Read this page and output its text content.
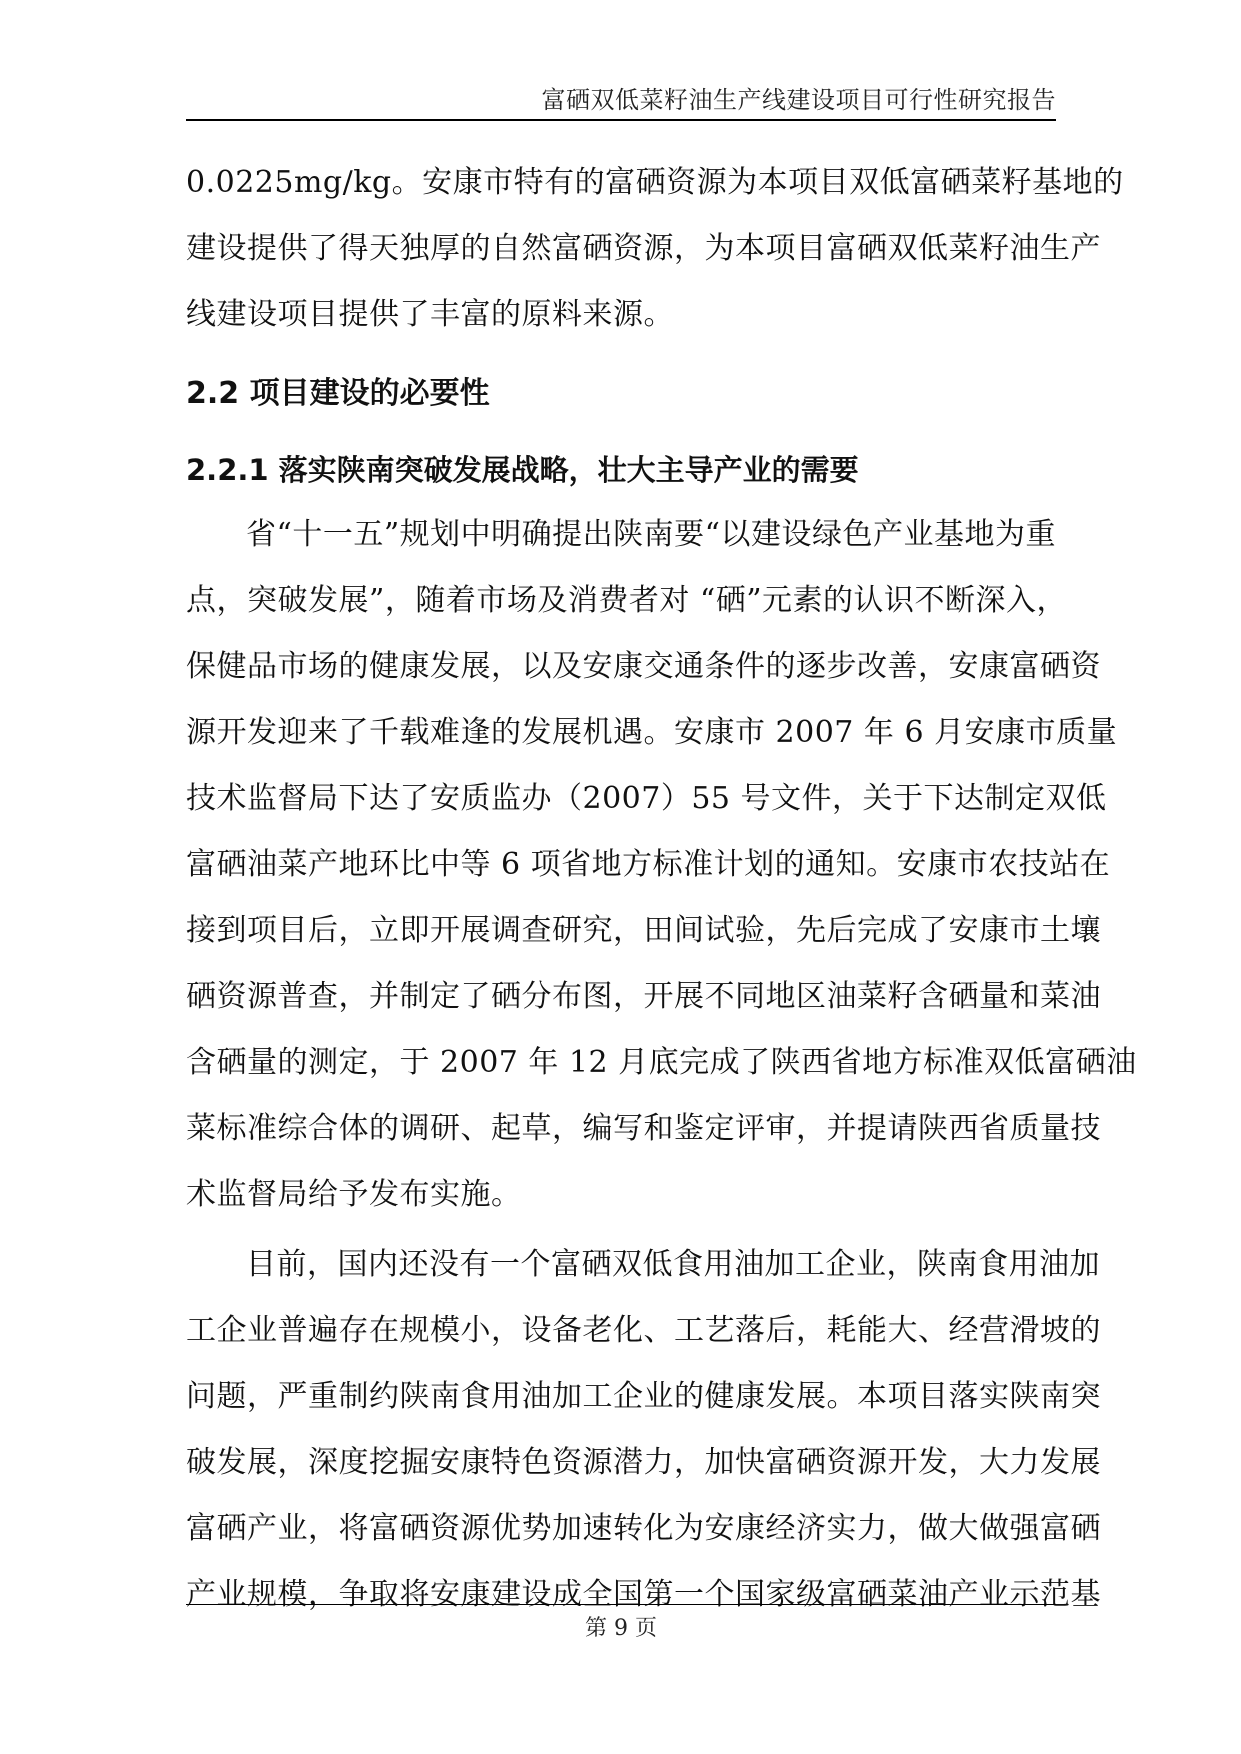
富硒双低菜籽油生产线建设项目可行性研究报告
0.0225mg/kg。安康市特有的富硒资源为本项目双低富硒菜籽基地的
建设提供了得天独厚的自然富硒资源，为本项目富硒双低菜籽油生产
线建设项目提供了丰富的原料来源。
2.2 项目建设的必要性
2.2.1 落实陕南突破发展战略，壮大主导产业的需要
省“十一五”规划中明确提出陕南要“以建设绿色产业基地为重
点，突破发展”，随着市场及消费者对 “硒”元素的认识不断深入，
保健品市场的健康发展，以及安康交通条件的逐步改善，安康富硒资
源开发迎来了千载难逢的发展机遇。安康市 2007 年 6 月安康市质量
技术监督局下达了安质监办（2007）55 号文件，关于下达制定双低
富硒油菜产地环比中等 6 项省地方标准计划的通知。安康市农技站在
接到项目后，立即开展调查研究，田间试验，先后完成了安康市土壤
硒资源普查，并制定了硒分布图，开展不同地区油菜籽含硒量和菜油
含硒量的测定，于 2007 年 12 月底完成了陕西省地方标准双低富硒油
菜标准综合体的调研、起草，编写和鉴定评审，并提请陕西省质量技
术监督局给予发布实施。
目前，国内还没有一个富硒双低食用油加工企业，陕南食用油加
工企业普遍存在规模小，设备老化、工艺落后，耗能大、经营滑坡的
问题，严重制约陕南食用油加工企业的健康发展。本项目落实陕南突
破发展，深度挖掘安康特色资源潜力，加快富硒资源开发，大力发展
富硒产业，将富硒资源优势加速转化为安康经济实力，做大做强富硒
产业规模，争取将安康建设成全国第一个国家级富硒菜油产业示范基
第 9 页
